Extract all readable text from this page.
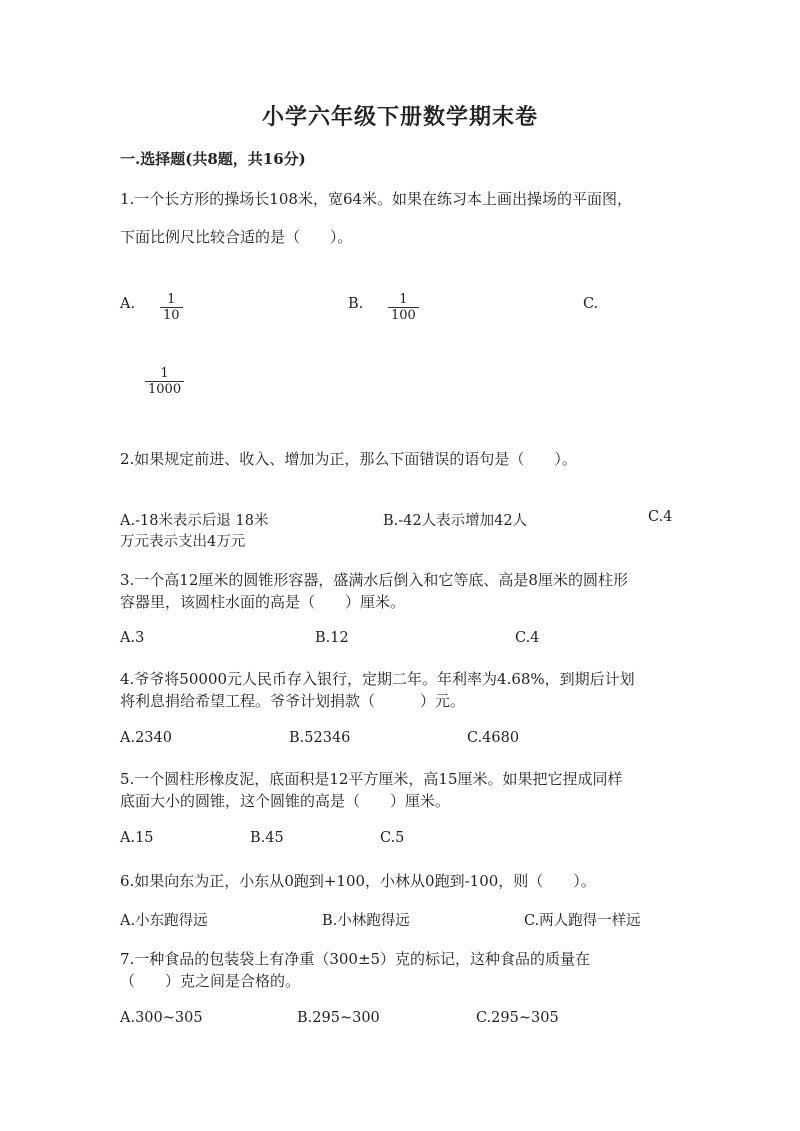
小学六年级下册数学期末卷
一.选择题(共8题，共16分)
1.一个长方形的操场长108米，宽64米。如果在练习本上画出操场的平面图，
下面比例尺比较合适的是（　　）。
A. $\frac{1}{10}$	B. $\frac{1}{100}$	C.
$\frac{1}{1000}$
2.如果规定前进、收入、增加为正，那么下面错误的语句是（　　）。
A.-18米表示后退 18米	B.-42人表示增加42人	C.4
万元表示支出4万元
3.一个高12厘米的圆锥形容器，盛满水后倒入和它等底、高是8厘米的圆柱形
容器里，该圆柱水面的高是（　　）厘米。
A.3	B.12	C.4
4.爷爷将50000元人民币存入银行，定期二年。年利率为4.68%，到期后计划
将利息捐给希望工程。爷爷计划捐款（　　　）元。
A.2340	B.52346	C.4680
5.一个圆柱形橡皮泥，底面积是12平方厘米，高15厘米。如果把它捏成同样
底面大小的圆锥，这个圆锥的高是（　　）厘米。
A.15	B.45	C.5
6.如果向东为正，小东从0跑到+100，小林从0跑到-100，则（　　）。
A.小东跑得远	B.小林跑得远	C.两人跑得一样远
7.一种食品的包装袋上有净重（300±5）克的标记，这种食品的质量在
（　　）克之间是合格的。
A.300~305	B.295~300	C.295~305
